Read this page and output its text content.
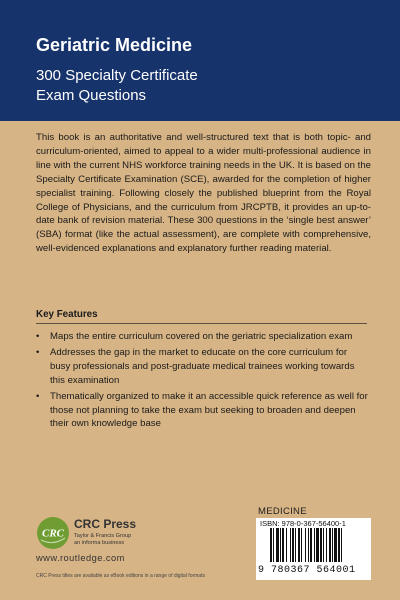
Geriatric Medicine

300 Specialty Certificate
Exam Questions

This book is an authoritative and well-structured text that is both topic- and curriculum-oriented, aimed to appeal to a wider multi-professional audience in line with the current NHS workforce training needs in the UK. It is based on the Specialty Certificate Examination (SCE), awarded for the completion of higher specialist training. Following closely the published blueprint from the Royal College of Physicians, and the curriculum from JRCPTB, it provides an up-to-date bank of revision material. These 300 questions in the ‘single best answer’ (SBA) format (like the actual assessment), are complete with comprehensive, well-evidenced explanations and explanatory further reading material.

Key Features
• Maps the entire curriculum covered on the geriatric specialization exam
• Addresses the gap in the market to educate on the core curriculum for busy professionals and post-graduate medical trainees working towards this examination
• Thematically organized to make it an accessible quick reference as well for those not planning to take the exam but seeking to broaden and deepen their own knowledge base
CRC
CRC Press
Taylor & Francis Group
an informa business
www.routledge.com
CRC Press titles are available as eBook editions in a range of digital formats
MEDICINE
ISBN: 978-0-367-56400-1
9 780367 564001
